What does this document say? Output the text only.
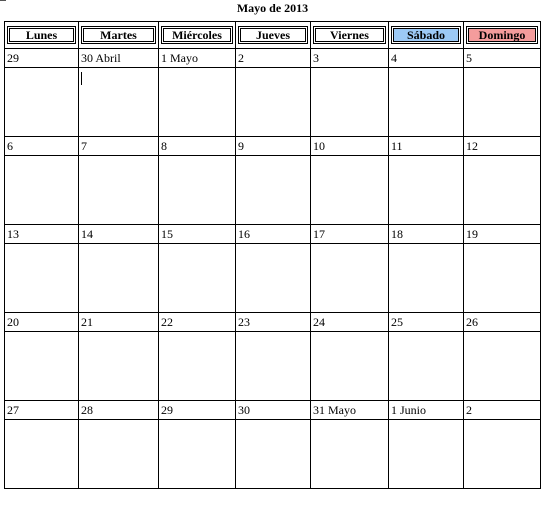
Mayo de 2013
Lunes	Martes	Miércoles	Jueves	Viernes	Sábado	Domingo

29	30 Abril	1 Mayo	2	3	4	5

6	7	8	9	10	11	12

13	14	15	16	17	18	19

20	21	22	23	24	25	26

27	28	29	30	31 Mayo	1 Junio	2
